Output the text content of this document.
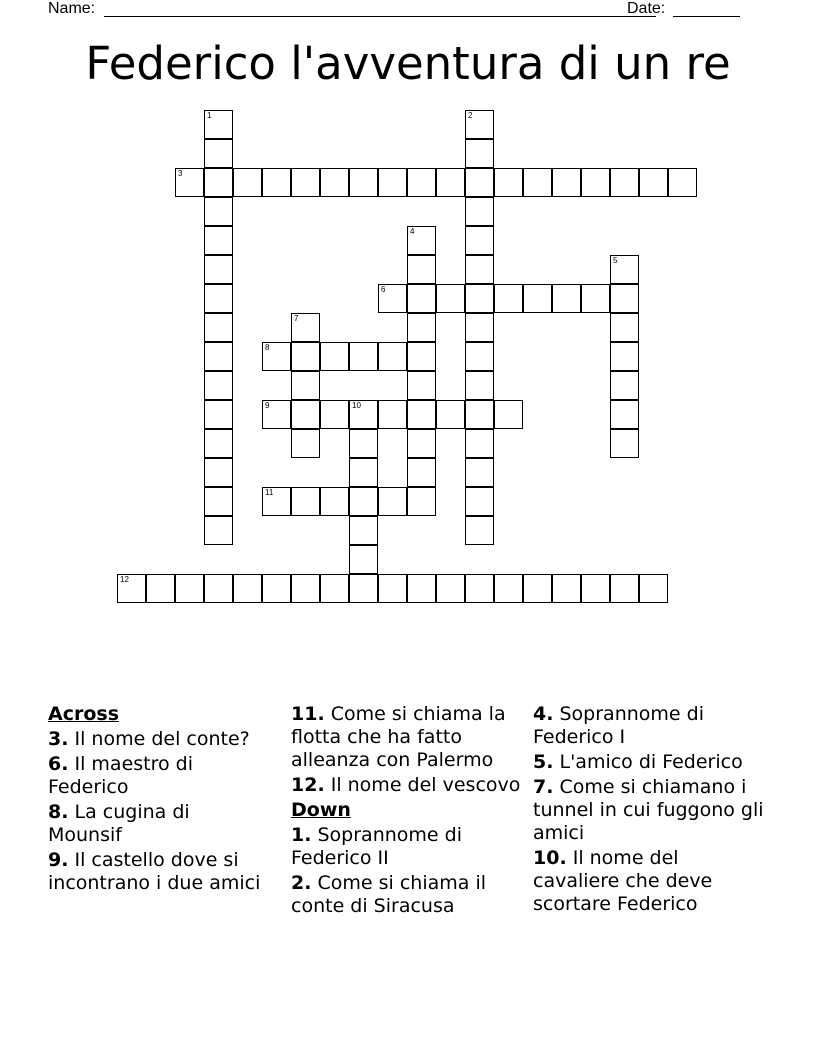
Name:	Date:
Federico l'avventura di un re
1	2
3
4
5
6
7
8
9	10
11
12
Across
3. Il nome del conte?
6. Il maestro di Federico
8. La cugina di Mounsif
9. Il castello dove si incontrano i due amici
11. Come si chiama la flotta che ha fatto alleanza con Palermo
12. Il nome del vescovo
Down
1. Soprannome di Federico II
2. Come si chiama il conte di Siracusa
4. Soprannome di Federico I
5. L'amico di Federico
7. Come si chiamano i tunnel in cui fuggono gli amici
10. Il nome del cavaliere che deve scortare Federico
